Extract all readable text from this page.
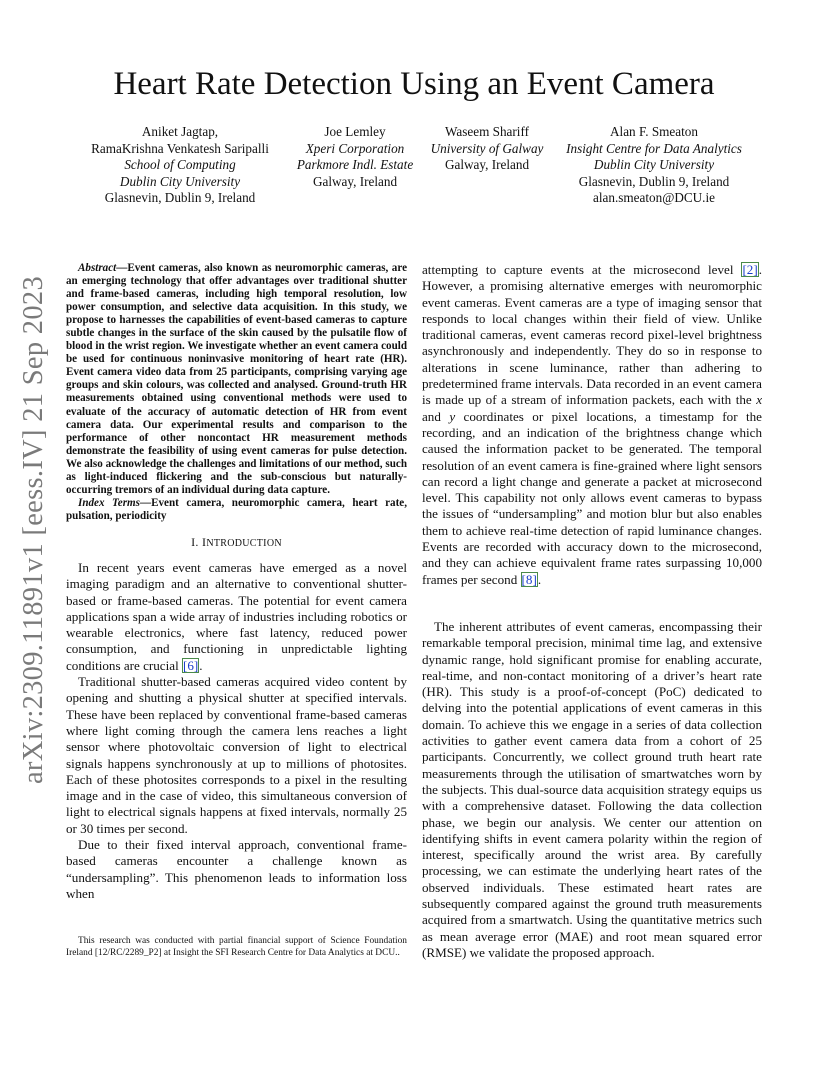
arXiv:2309.11891v1 [eess.IV] 21 Sep 2023
Heart Rate Detection Using an Event Camera
Aniket Jagtap,
RamaKrishna Venkatesh Saripalli
School of Computing
Dublin City University
Glasnevin, Dublin 9, Ireland
Joe Lemley
Xperi Corporation
Parkmore Indl. Estate
Galway, Ireland
Waseem Shariff
University of Galway
Galway, Ireland
Alan F. Smeaton
Insight Centre for Data Analytics
Dublin City University
Glasnevin, Dublin 9, Ireland
alan.smeaton@DCU.ie

Abstract—Event cameras, also known as neuromorphic cameras, are an emerging technology that offer advantages over traditional shutter and frame-based cameras, including high temporal resolution, low power consumption, and selective data acquisition. In this study, we propose to harnesses the capabilities of event-based cameras to capture subtle changes in the surface of the skin caused by the pulsatile flow of blood in the wrist region. We investigate whether an event camera could be used for continuous noninvasive monitoring of heart rate (HR). Event camera video data from 25 participants, comprising varying age groups and skin colours, was collected and analysed. Ground-truth HR measurements obtained using conventional methods were used to evaluate of the accuracy of automatic detection of HR from event camera data. Our experimental results and comparison to the performance of other noncontact HR measurement methods demonstrate the feasibility of using event cameras for pulse detection. We also acknowledge the challenges and limitations of our method, such as light-induced flickering and the sub-conscious but naturally-occurring tremors of an individual during data capture.

Index Terms—Event camera, neuromorphic camera, heart rate, pulsation, periodicity

I. INTRODUCTION

In recent years event cameras have emerged as a novel imaging paradigm and an alternative to conventional shutter-based or frame-based cameras. The potential for event camera applications span a wide array of industries including robotics or wearable electronics, where fast latency, reduced power consumption, and functioning in unpredictable lighting conditions are crucial [6].

Traditional shutter-based cameras acquired video content by opening and shutting a physical shutter at specified intervals. These have been replaced by conventional frame-based cameras where light coming through the camera lens reaches a light sensor where photovoltaic conversion of light to electrical signals happens synchronously at up to millions of photosites. Each of these photosites corresponds to a pixel in the resulting image and in the case of video, this simultaneous conversion of light to electrical signals happens at fixed intervals, normally 25 or 30 times per second.

Due to their fixed interval approach, conventional frame-based cameras encounter a challenge known as “undersampling”. This phenomenon leads to information loss when

This research was conducted with partial financial support of Science Foundation Ireland [12/RC/2289_P2] at Insight the SFI Research Centre for Data Analytics at DCU..

attempting to capture events at the microsecond level [2]. However, a promising alternative emerges with neuromorphic event cameras. Event cameras are a type of imaging sensor that responds to local changes within their field of view. Unlike traditional cameras, event cameras record pixel-level brightness asynchronously and independently. They do so in response to alterations in scene luminance, rather than adhering to predetermined frame intervals. Data recorded in an event camera is made up of a stream of information packets, each with the x and y coordinates or pixel locations, a timestamp for the recording, and an indication of the brightness change which caused the information packet to be generated. The temporal resolution of an event camera is fine-grained where light sensors can record a light change and generate a packet at microsecond level. This capability not only allows event cameras to bypass the issues of “undersampling” and motion blur but also enables them to achieve real-time detection of rapid luminance changes. Events are recorded with accuracy down to the microsecond, and they can achieve equivalent frame rates surpassing 10,000 frames per second [8].

The inherent attributes of event cameras, encompassing their remarkable temporal precision, minimal time lag, and extensive dynamic range, hold significant promise for enabling accurate, real-time, and non-contact monitoring of a driver’s heart rate (HR). This study is a proof-of-concept (PoC) dedicated to delving into the potential applications of event cameras in this domain. To achieve this we engage in a series of data collection activities to gather event camera data from a cohort of 25 participants. Concurrently, we collect ground truth heart rate measurements through the utilisation of smartwatches worn by the subjects. This dual-source data acquisition strategy equips us with a comprehensive dataset. Following the data collection phase, we begin our analysis. We center our attention on identifying shifts in event camera polarity within the region of interest, specifically around the wrist area. By carefully processing, we can estimate the underlying heart rates of the observed individuals. These estimated heart rates are subsequently compared against the ground truth measurements acquired from a smartwatch. Using the quantitative metrics such as mean average error (MAE) and root mean squared error (RMSE) we validate the proposed approach.
